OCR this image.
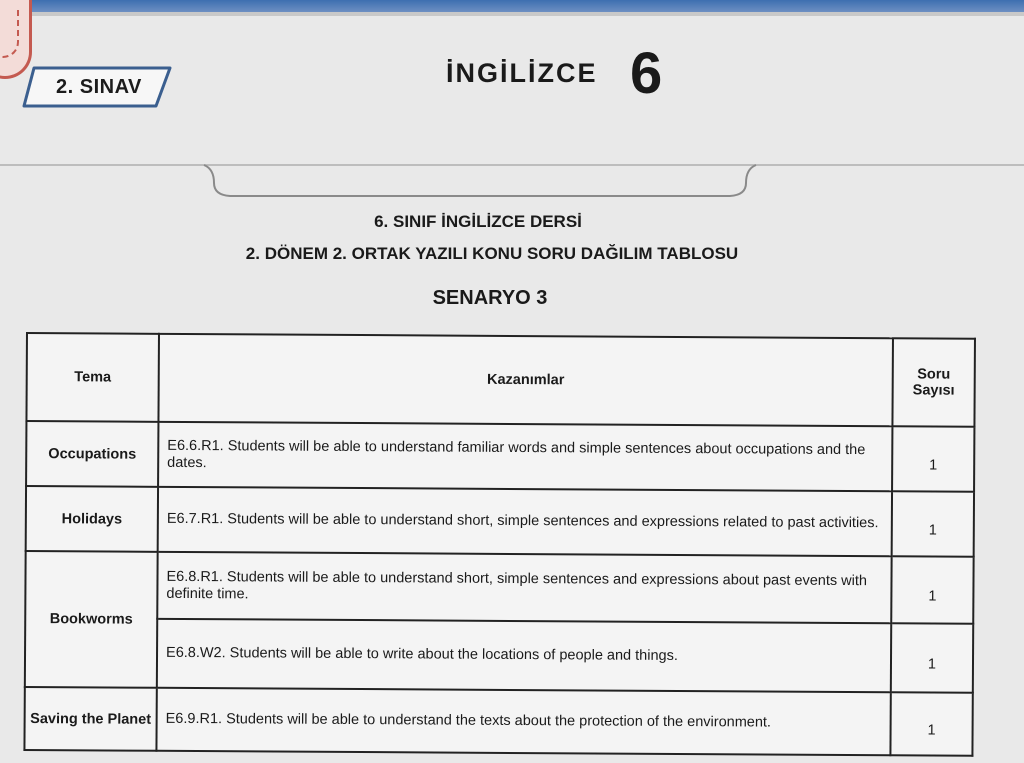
2. SINAV	İNGİLİZCE 6
6. SINIF İNGİLİZCE DERSİ
2. DÖNEM 2. ORTAK YAZILI KONU SORU DAĞILIM TABLOSU
SENARYO 3
Tema	Kazanımlar	Soru
Sayısı

Occupations	E6.6.R1. Students will be able to understand familiar words and simple sentences about occupations and the dates.	1
Holidays	E6.7.R1. Students will be able to understand short, simple sentences and expressions related to past activities.	1
Bookworms	E6.8.R1. Students will be able to understand short, simple sentences and expressions about past events with definite time.	1
	E6.8.W2. Students will be able to write about the locations of people and things.	1
Saving the Planet	E6.9.R1. Students will be able to understand the texts about the protection of the environment.	1
